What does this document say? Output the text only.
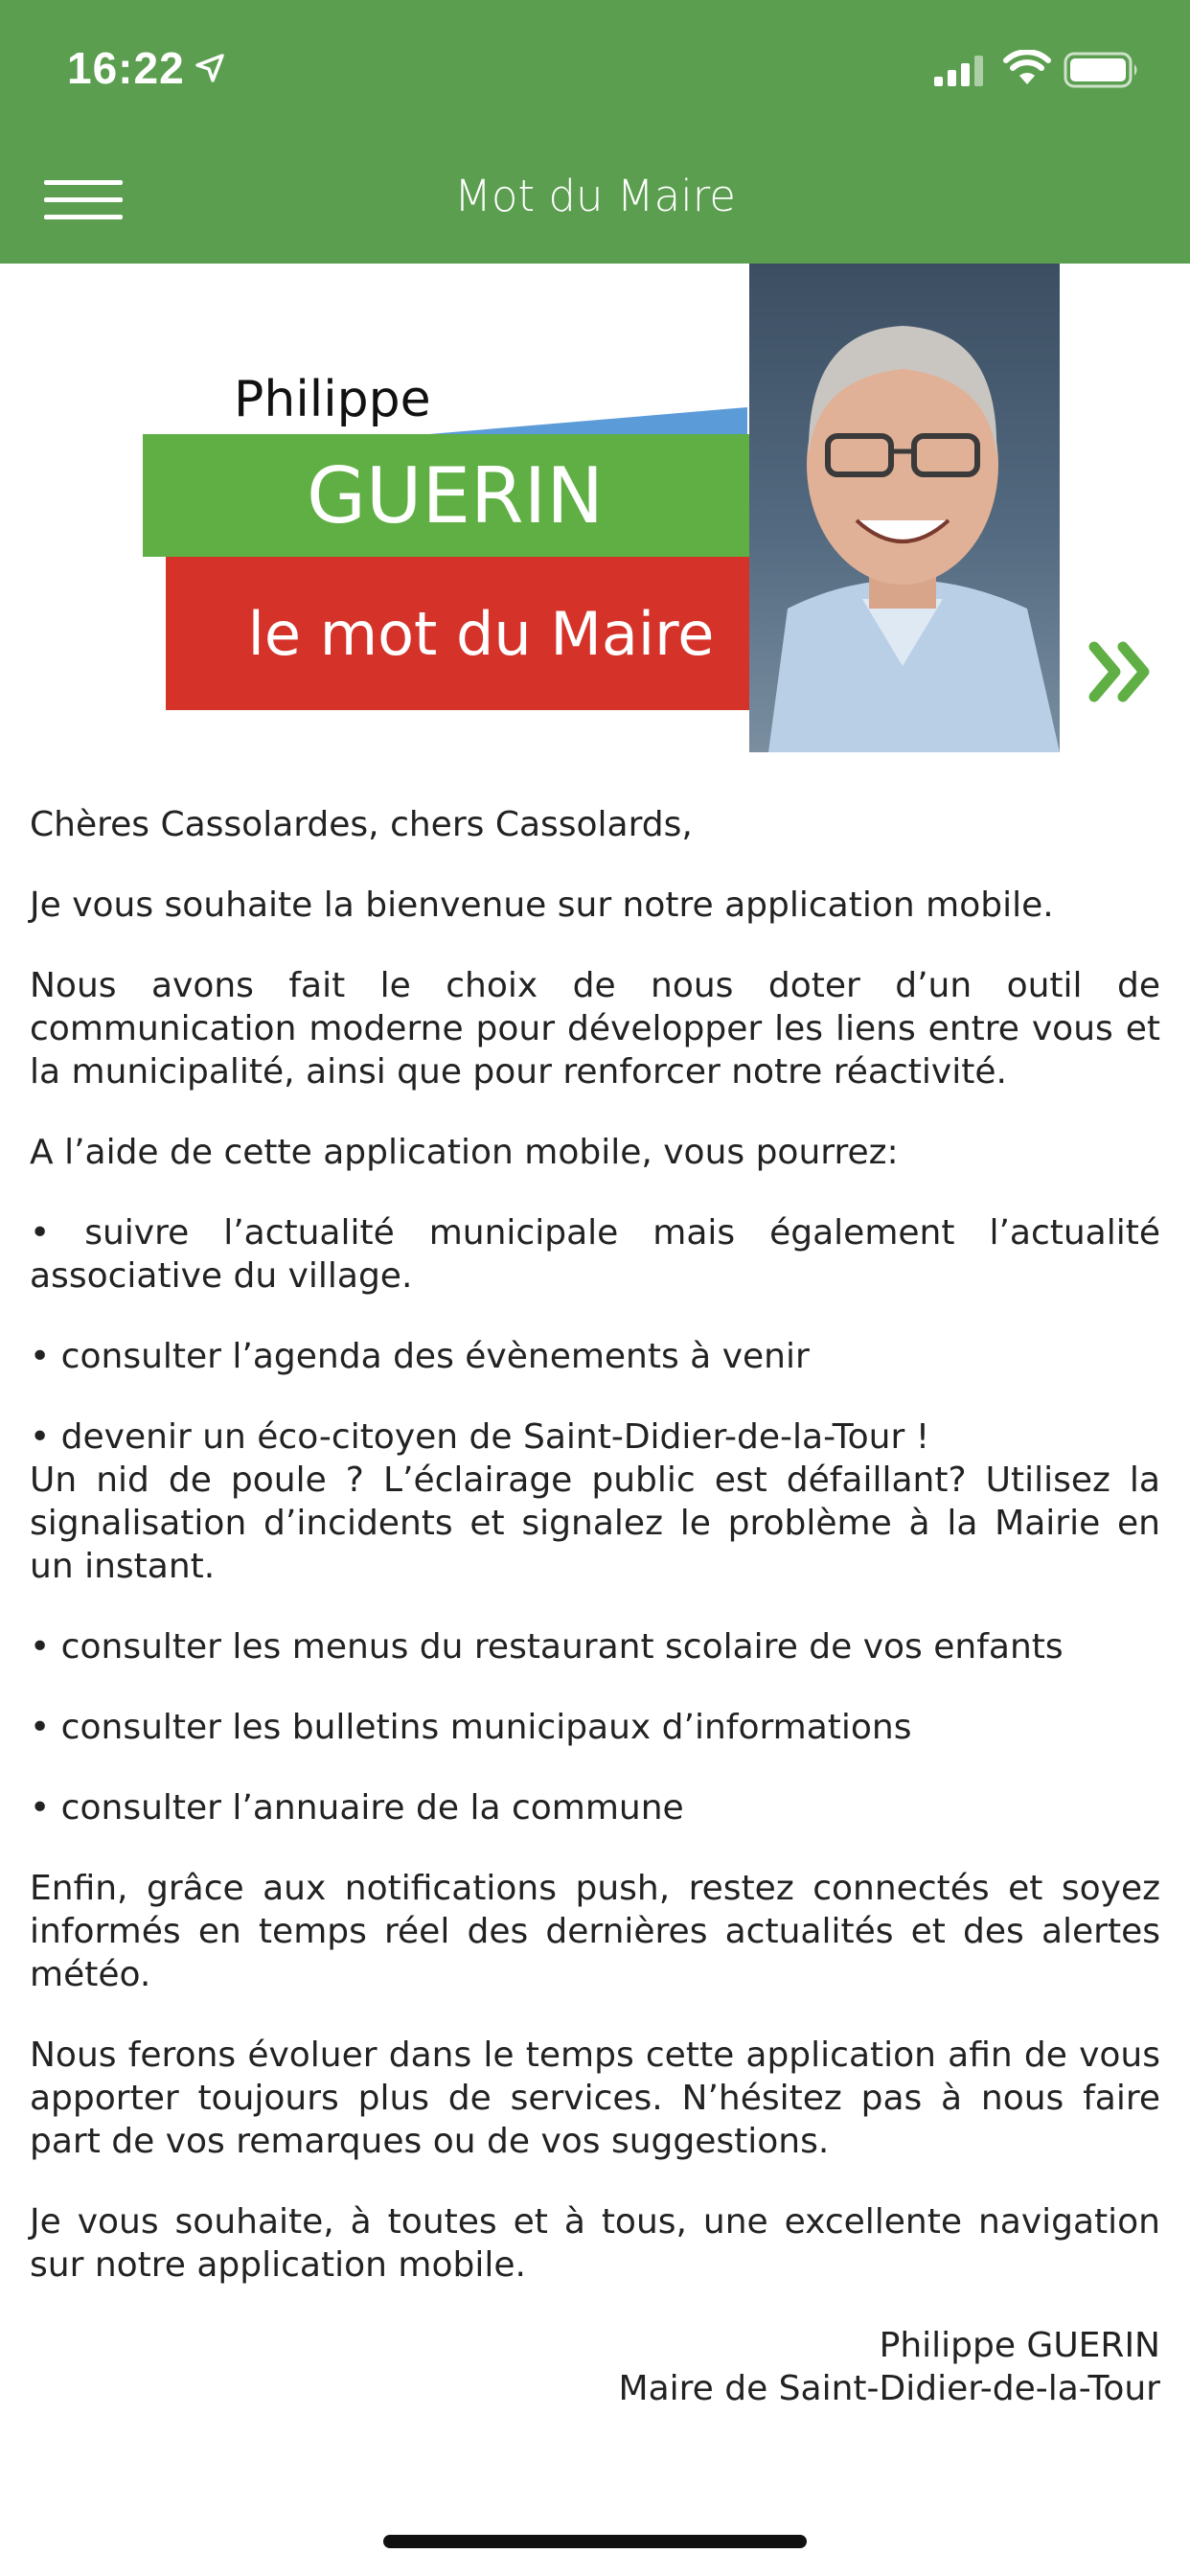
16:22
Mot du Maire
Philippe
GUERIN
le mot du Maire

Chères Cassolardes, chers Cassolards,

Je vous souhaite la bienvenue sur notre application mobile.

Nous avons fait le choix de nous doter d’un outil de communication moderne pour développer les liens entre vous et la municipalité, ainsi que pour renforcer notre réactivité.

A l’aide de cette application mobile, vous pourrez:

• suivre l’actualité municipale mais également l’actualité associative du village.

• consulter l’agenda des évènements à venir

• devenir un éco-citoyen de Saint-Didier-de-la-Tour !
Un nid de poule ? L’éclairage public est défaillant? Utilisez la signalisation d’incidents et signalez le problème à la Mairie en un instant.

• consulter les menus du restaurant scolaire de vos enfants

• consulter les bulletins municipaux d’informations

• consulter l’annuaire de la commune

Enfin, grâce aux notifications push, restez connectés et soyez informés en temps réel des dernières actualités et des alertes météo.

Nous ferons évoluer dans le temps cette application afin de vous apporter toujours plus de services. N’hésitez pas à nous faire part de vos remarques ou de vos suggestions.

Je vous souhaite, à toutes et à tous, une excellente navigation sur notre application mobile.

Philippe GUERIN
Maire de Saint-Didier-de-la-Tour
